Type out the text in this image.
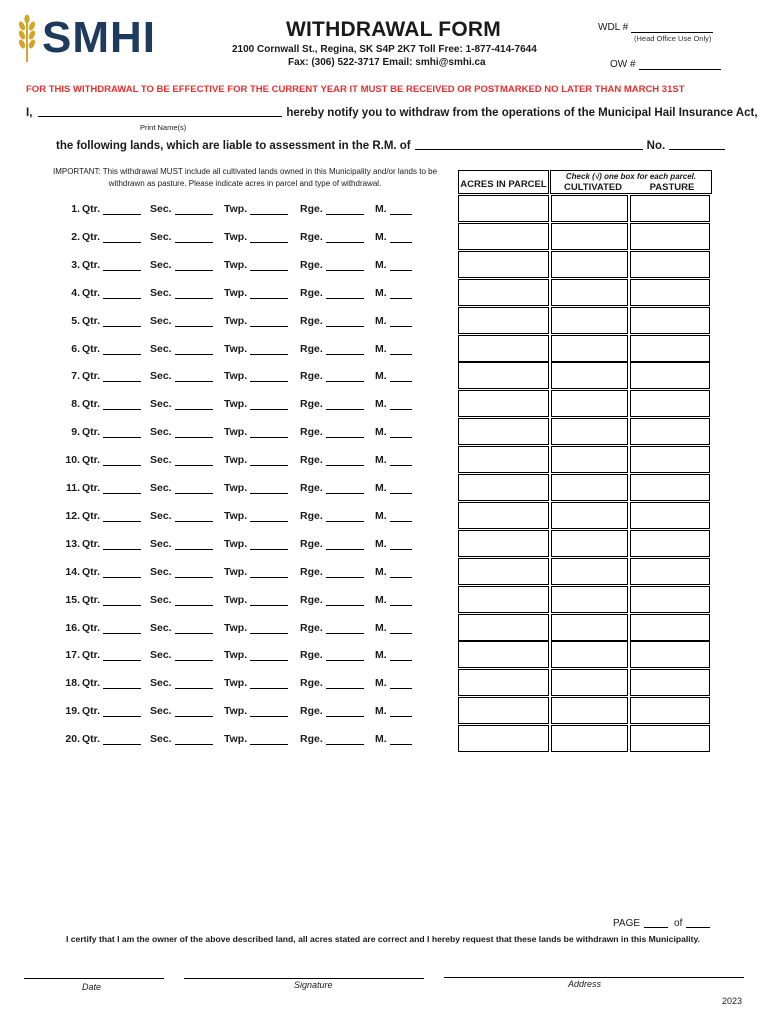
SMHI	WITHDRAWAL FORM
2100 Cornwall St., Regina, SK S4P 2K7 Toll Free: 1-877-414-7644
Fax: (306) 522-3717 Email: smhi@smhi.ca
WDL #
(Head Office Use Only)
OW #
FOR THIS WITHDRAWAL TO BE EFFECTIVE FOR THE CURRENT YEAR IT MUST BE RECEIVED OR POSTMARKED NO LATER THAN MARCH 31ST
I,	hereby notify you to withdraw from the operations of the Municipal Hail Insurance Act,
Print Name(s)
the following lands, which are liable to assessment in the R.M. of	No.
IMPORTANT: This withdrawal MUST include all cultivated lands owned in this Municipality and/or lands to be withdrawn as pasture. Please indicate acres in parcel and type of withdrawal.	ACRES IN PARCEL
Check (√) one box for each parcel.
CULTIVATED	PASTURE
1. Qtr.	Sec.	Twp.	Rge.	M.
2. Qtr.	Sec.	Twp.	Rge.	M.
3. Qtr.	Sec.	Twp.	Rge.	M.
4. Qtr.	Sec.	Twp.	Rge.	M.
5. Qtr.	Sec.	Twp.	Rge.	M.
6. Qtr.	Sec.	Twp.	Rge.	M.
7. Qtr.	Sec.	Twp.	Rge.	M.
8. Qtr.	Sec.	Twp.	Rge.	M.
9. Qtr.	Sec.	Twp.	Rge.	M.
10. Qtr.	Sec.	Twp.	Rge.	M.
11. Qtr.	Sec.	Twp.	Rge.	M.
12. Qtr.	Sec.	Twp.	Rge.	M.
13. Qtr.	Sec.	Twp.	Rge.	M.
14. Qtr.	Sec.	Twp.	Rge.	M.
15. Qtr.	Sec.	Twp.	Rge.	M.
16. Qtr.	Sec.	Twp.	Rge.	M.
17. Qtr.	Sec.	Twp.	Rge.	M.
18. Qtr.	Sec.	Twp.	Rge.	M.
19. Qtr.	Sec.	Twp.	Rge.	M.
20. Qtr.	Sec.	Twp.	Rge.	M.
PAGE	of
I certify that I am the owner of the above described land, all acres stated are correct and I hereby request that these lands be withdrawn in this Municipality.
Date	Signature	Address
2023
